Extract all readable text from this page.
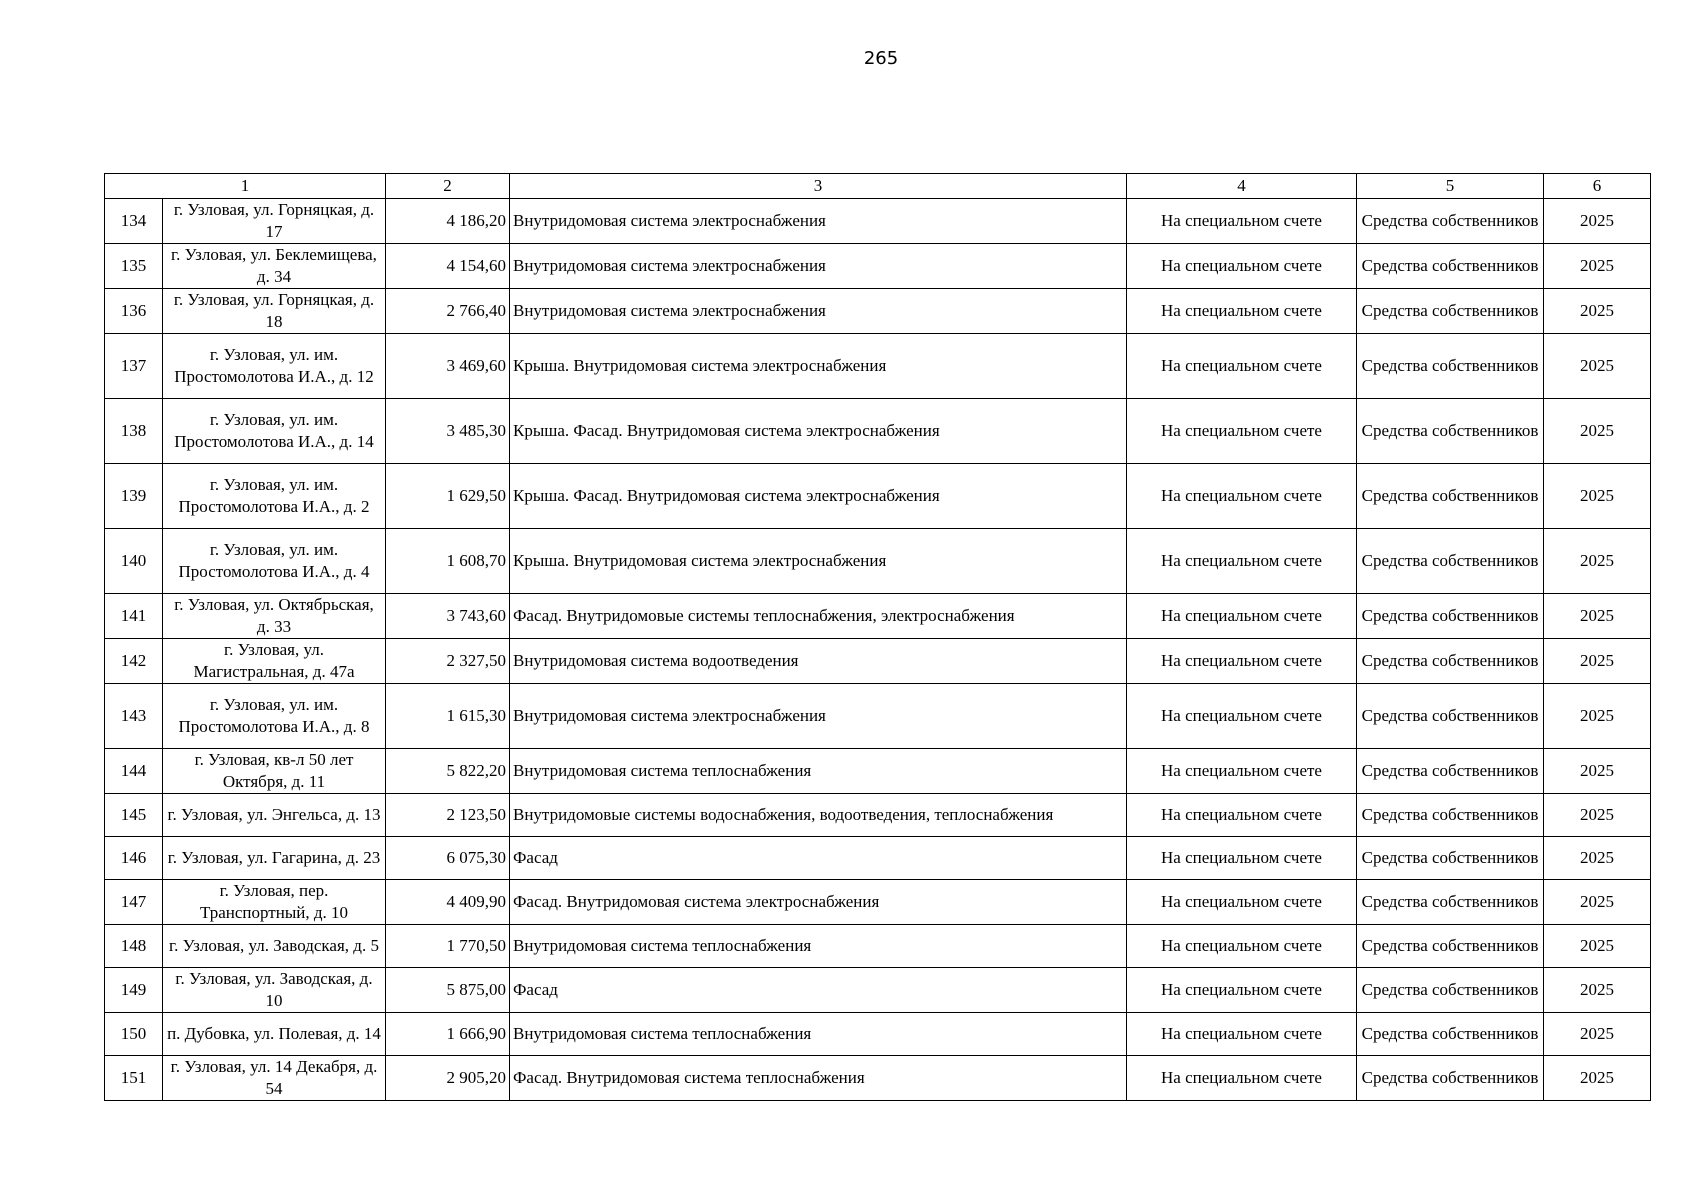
265
1		2	3	4	5	6
134	г. Узловая, ул. Горняцкая, д. 17	4 186,20	Внутридомовая система электроснабжения	На специальном счете	Средства собственников	2025
135	г. Узловая, ул. Беклемищева, д. 34	4 154,60	Внутридомовая система электроснабжения	На специальном счете	Средства собственников	2025
136	г. Узловая, ул. Горняцкая, д. 18	2 766,40	Внутридомовая система электроснабжения	На специальном счете	Средства собственников	2025
137	г. Узловая, ул. им. Простомолотова И.А., д. 12	3 469,60	Крыша. Внутридомовая система электроснабжения	На специальном счете	Средства собственников	2025
138	г. Узловая, ул. им. Простомолотова И.А., д. 14	3 485,30	Крыша. Фасад. Внутридомовая система электроснабжения	На специальном счете	Средства собственников	2025
139	г. Узловая, ул. им. Простомолотова И.А., д. 2	1 629,50	Крыша. Фасад. Внутридомовая система электроснабжения	На специальном счете	Средства собственников	2025
140	г. Узловая, ул. им. Простомолотова И.А., д. 4	1 608,70	Крыша. Внутридомовая система электроснабжения	На специальном счете	Средства собственников	2025
141	г. Узловая, ул. Октябрьская, д. 33	3 743,60	Фасад. Внутридомовые системы теплоснабжения, электроснабжения	На специальном счете	Средства собственников	2025
142	г. Узловая, ул. Магистральная, д. 47а	2 327,50	Внутридомовая система водоотведения	На специальном счете	Средства собственников	2025
143	г. Узловая, ул. им. Простомолотова И.А., д. 8	1 615,30	Внутридомовая система электроснабжения	На специальном счете	Средства собственников	2025
144	г. Узловая, кв-л 50 лет Октября, д. 11	5 822,20	Внутридомовая система теплоснабжения	На специальном счете	Средства собственников	2025
145	г. Узловая, ул. Энгельса, д. 13	2 123,50	Внутридомовые системы водоснабжения, водоотведения, теплоснабжения	На специальном счете	Средства собственников	2025
146	г. Узловая, ул. Гагарина, д. 23	6 075,30	Фасад	На специальном счете	Средства собственников	2025
147	г. Узловая, пер. Транспортный, д. 10	4 409,90	Фасад. Внутридомовая система электроснабжения	На специальном счете	Средства собственников	2025
148	г. Узловая, ул. Заводская, д. 5	1 770,50	Внутридомовая система теплоснабжения	На специальном счете	Средства собственников	2025
149	г. Узловая, ул. Заводская, д. 10	5 875,00	Фасад	На специальном счете	Средства собственников	2025
150	п. Дубовка, ул. Полевая, д. 14	1 666,90	Внутридомовая система теплоснабжения	На специальном счете	Средства собственников	2025
151	г. Узловая, ул. 14 Декабря, д. 54	2 905,20	Фасад. Внутридомовая система теплоснабжения	На специальном счете	Средства собственников	2025
